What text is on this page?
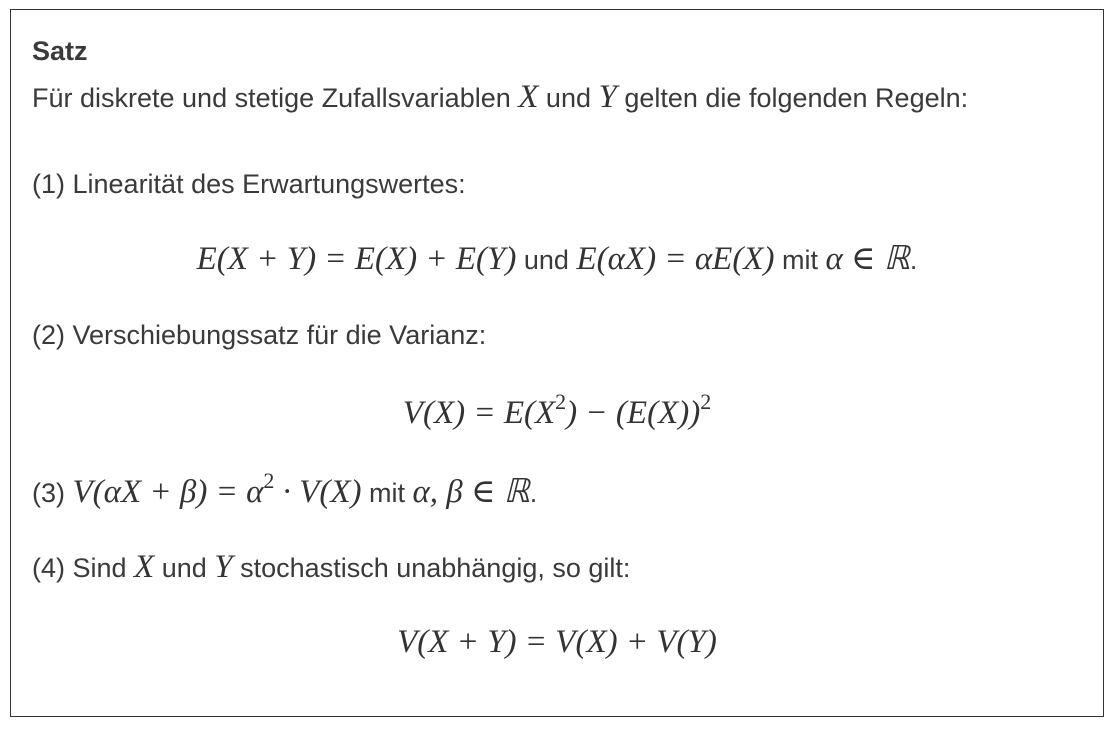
Satz
Für diskrete und stetige Zufallsvariablen X und Y gelten die folgenden Regeln:
(1) Linearität des Erwartungswertes:
E(X + Y) = E(X) + E(Y) und E(αX) = αE(X) mit α ∈ ℝ.
(2) Verschiebungssatz für die Varianz:
$V(X) = E(X^2) - (E(X))^2$
(3) $V(\alpha X + \beta) = \alpha^2 \cdot V(X)$ mit α, β ∈ ℝ.
(4) Sind X und Y stochastisch unabhängig, so gilt:
V(X + Y) = V(X) + V(Y)
